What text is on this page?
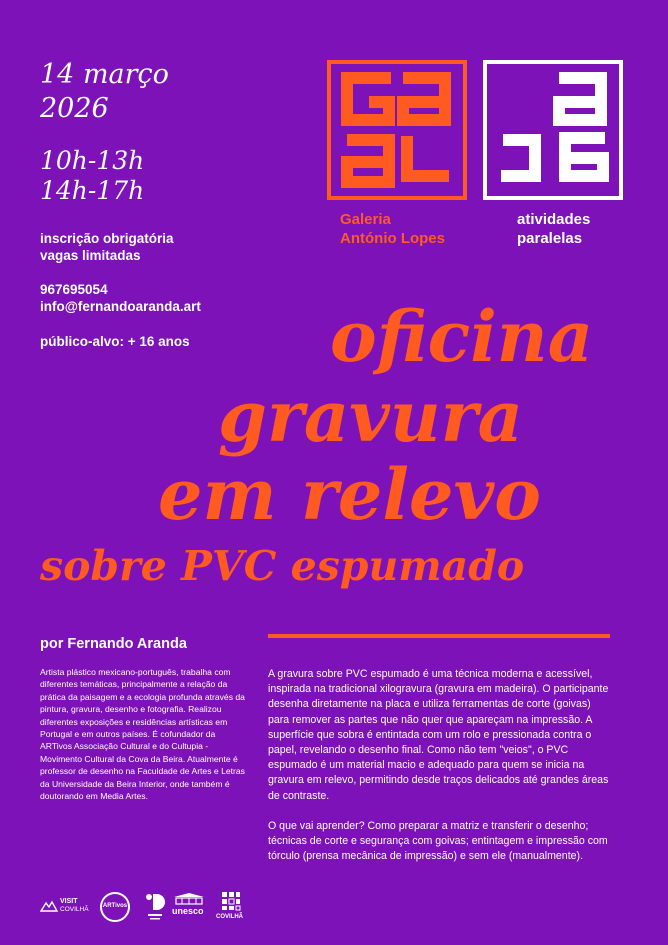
14 março
2026
10h-13h
14h-17h
inscrição obrigatória
vagas limitadas
967695054
info@fernandoaranda.art
público-alvo: + 16 anos
Galeria
António Lopes
atividades
paralelas
oficina
gravura
em relevo
sobre PVC espumado
por Fernando Aranda
Artista plástico mexicano-português, trabalha com diferentes temáticas, principalmente a relação da prática da paisagem e a ecologia profunda através da pintura, gravura, desenho e fotografia. Realizou diferentes exposições e residências artísticas em Portugal e em outros países. É cofundador da ARTivos Associação Cultural e do Cultupia - Movimento Cultural da Cova da Beira. Atualmente é professor de desenho na Faculdade de Artes e Letras da Universidade da Beira Interior, onde também é doutorando em Media Artes.

A gravura sobre PVC espumado é uma técnica moderna e acessível, inspirada na tradicional xilogravura (gravura em madeira). O participante desenha diretamente na placa e utiliza ferramentas de corte (goivas) para remover as partes que não quer que apareçam na impressão. A superfície que sobra é entintada com um rolo e pressionada contra o papel, revelando o desenho final. Como não tem "veios", o PVC espumado é um material macio e adequado para quem se inicia na gravura em relevo, permitindo desde traços delicados até grandes áreas de contraste.

O que vai aprender? Como preparar a matriz e transferir o desenho; técnicas de corte e segurança com goivas; entintagem e impressão com tórculo (prensa mecânica de impressão) e sem ele (manualmente).

VISIT
COVILHÃ ARTivos	unesco
COVILHÃ
